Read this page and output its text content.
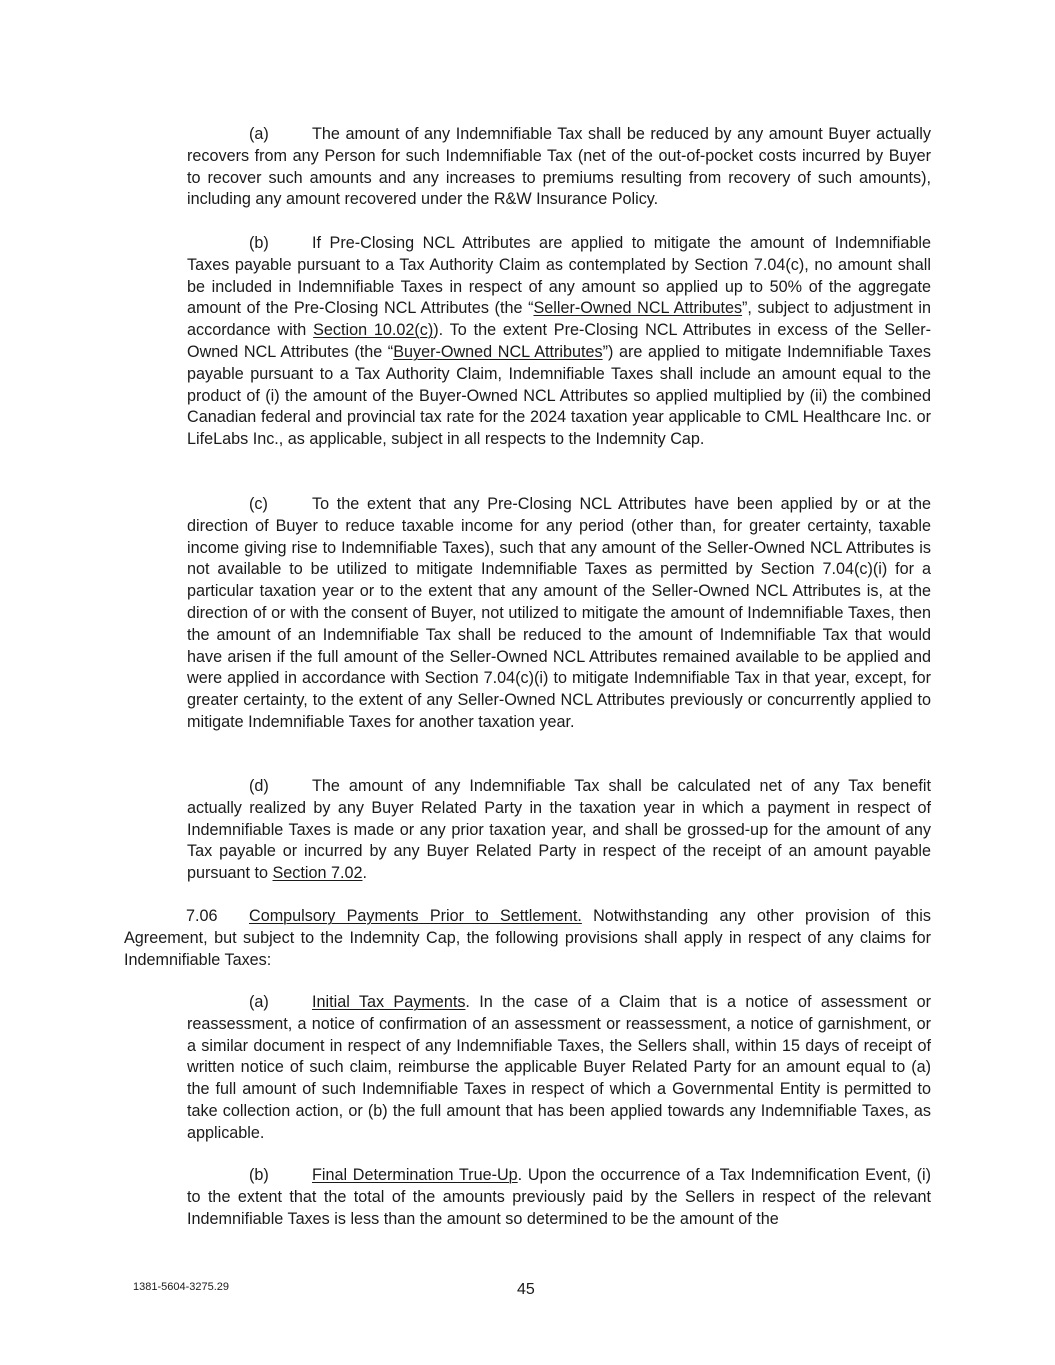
(a)	The amount of any Indemnifiable Tax shall be reduced by any amount Buyer actually recovers from any Person for such Indemnifiable Tax (net of the out-of-pocket costs incurred by Buyer to recover such amounts and any increases to premiums resulting from recovery of such amounts), including any amount recovered under the R&W Insurance Policy.

(b)	If Pre-Closing NCL Attributes are applied to mitigate the amount of Indemnifiable Taxes payable pursuant to a Tax Authority Claim as contemplated by Section 7.04(c), no amount shall be included in Indemnifiable Taxes in respect of any amount so applied up to 50% of the aggregate amount of the Pre-Closing NCL Attributes (the “Seller-Owned NCL Attributes”, subject to adjustment in accordance with Section 10.02(c)). To the extent Pre-Closing NCL Attributes in excess of the Seller-Owned NCL Attributes (the “Buyer-Owned NCL Attributes”) are applied to mitigate Indemnifiable Taxes payable pursuant to a Tax Authority Claim, Indemnifiable Taxes shall include an amount equal to the product of (i) the amount of the Buyer-Owned NCL Attributes so applied multiplied by (ii) the combined Canadian federal and provincial tax rate for the 2024 taxation year applicable to CML Healthcare Inc. or LifeLabs Inc., as applicable, subject in all respects to the Indemnity Cap.

(c)	To the extent that any Pre-Closing NCL Attributes have been applied by or at the direction of Buyer to reduce taxable income for any period (other than, for greater certainty, taxable income giving rise to Indemnifiable Taxes), such that any amount of the Seller-Owned NCL Attributes is not available to be utilized to mitigate Indemnifiable Taxes as permitted by Section 7.04(c)(i) for a particular taxation year or to the extent that any amount of the Seller-Owned NCL Attributes is, at the direction of or with the consent of Buyer, not utilized to mitigate the amount of Indemnifiable Taxes, then the amount of an Indemnifiable Tax shall be reduced to the amount of Indemnifiable Tax that would have arisen if the full amount of the Seller-Owned NCL Attributes remained available to be applied and were applied in accordance with Section 7.04(c)(i) to mitigate Indemnifiable Tax in that year, except, for greater certainty, to the extent of any Seller-Owned NCL Attributes previously or concurrently applied to mitigate Indemnifiable Taxes for another taxation year.

(d)	The amount of any Indemnifiable Tax shall be calculated net of any Tax benefit actually realized by any Buyer Related Party in the taxation year in which a payment in respect of Indemnifiable Taxes is made or any prior taxation year, and shall be grossed-up for the amount of any Tax payable or incurred by any Buyer Related Party in respect of the receipt of an amount payable pursuant to Section 7.02.

7.06 Compulsory Payments Prior to Settlement. Notwithstanding any other provision of this Agreement, but subject to the Indemnity Cap, the following provisions shall apply in respect of any claims for Indemnifiable Taxes:

(a)	Initial Tax Payments. In the case of a Claim that is a notice of assessment or reassessment, a notice of confirmation of an assessment or reassessment, a notice of garnishment, or a similar document in respect of any Indemnifiable Taxes, the Sellers shall, within 15 days of receipt of written notice of such claim, reimburse the applicable Buyer Related Party for an amount equal to (a) the full amount of such Indemnifiable Taxes in respect of which a Governmental Entity is permitted to take collection action, or (b) the full amount that has been applied towards any Indemnifiable Taxes, as applicable.

(b)	Final Determination True-Up. Upon the occurrence of a Tax Indemnification Event, (i) to the extent that the total of the amounts previously paid by the Sellers in respect of the relevant Indemnifiable Taxes is less than the amount so determined to be the amount of the

1381-5604-3275.29	45
